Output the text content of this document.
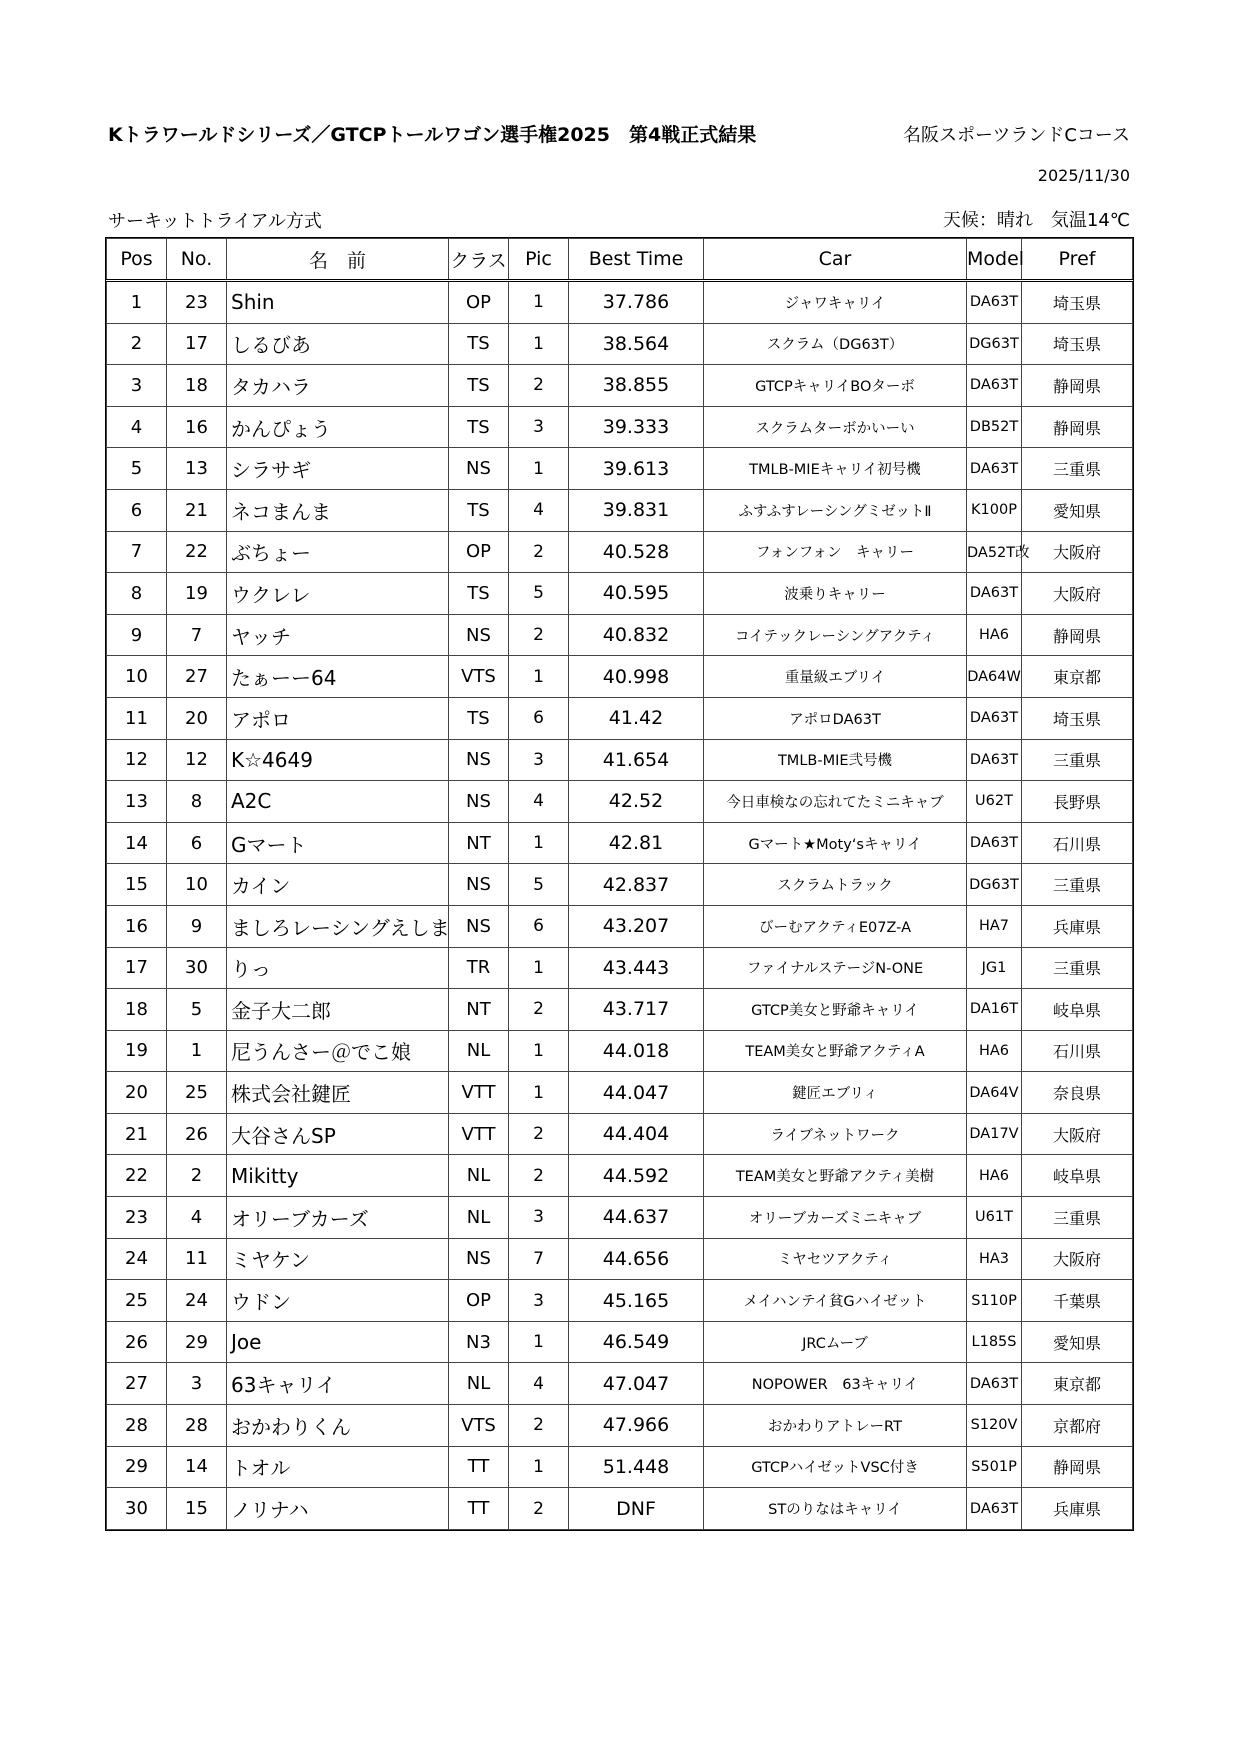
Kトラワールドシリーズ／GTCPトールワゴン選手権2025　第4戦正式結果	名阪スポーツランドCコース
2025/11/30
サーキットトライアル方式	天候：晴れ　気温14℃
Pos	No.	名　前	クラス	Pic	Best Time	Car	Model	Pref
1	23	Shin	OP	1	37.786	ジャワキャリイ	DA63T	埼玉県
2	17	しるびあ	TS	1	38.564	スクラム（DG63T）	DG63T	埼玉県
3	18	タカハラ	TS	2	38.855	GTCPキャリイBOターボ	DA63T	静岡県
4	16	かんぴょう	TS	3	39.333	スクラムターボかいーい	DB52T	静岡県
5	13	シラサギ	NS	1	39.613	TMLB-MIEキャリイ初号機	DA63T	三重県
6	21	ネコまんま	TS	4	39.831	ふすふすレーシングミゼットⅡ	K100P	愛知県
7	22	ぶちょー	OP	2	40.528	フォンフォン　キャリー	DA52T改	大阪府
8	19	ウクレレ	TS	5	40.595	波乗りキャリー	DA63T	大阪府
9	7	ヤッチ	NS	2	40.832	コイテックレーシングアクティ	HA6	静岡県
10	27	たぁーー64	VTS	1	40.998	重量級エブリイ	DA64W	東京都
11	20	アポロ	TS	6	41.42	アポロDA63T	DA63T	埼玉県
12	12	K☆4649	NS	3	41.654	TMLB-MIE弐号機	DA63T	三重県
13	8	A2C	NS	4	42.52	今日車検なの忘れてたミニキャブ	U62T	長野県
14	6	Gマート	NT	1	42.81	Gマート★Moty‘sキャリイ	DA63T	石川県
15	10	カイン	NS	5	42.837	スクラムトラック	DG63T	三重県
16	9	ましろレーシングえしま	NS	6	43.207	びーむアクティE07Z-A	HA7	兵庫県
17	30	りっ	TR	1	43.443	ファイナルステージN-ONE	JG1	三重県
18	5	金子大二郎	NT	2	43.717	GTCP美女と野爺キャリイ	DA16T	岐阜県
19	1	尼うんさー＠でこ娘	NL	1	44.018	TEAM美女と野爺アクティA	HA6	石川県
20	25	株式会社鍵匠	VTT	1	44.047	鍵匠エブリィ	DA64V	奈良県
21	26	大谷さんSP	VTT	2	44.404	ライブネットワーク	DA17V	大阪府
22	2	Mikitty	NL	2	44.592	TEAM美女と野爺アクティ美樹	HA6	岐阜県
23	4	オリーブカーズ	NL	3	44.637	オリーブカーズミニキャブ	U61T	三重県
24	11	ミヤケン	NS	7	44.656	ミヤセツアクティ	HA3	大阪府
25	24	ウドン	OP	3	45.165	メイハンテイ貧Gハイゼット	S110P	千葉県
26	29	Joe	N3	1	46.549	JRCムーブ	L185S	愛知県
27	3	63キャリイ	NL	4	47.047	NOPOWER　63キャリイ	DA63T	東京都
28	28	おかわりくん	VTS	2	47.966	おかわりアトレーRT	S120V	京都府
29	14	トオル	TT	1	51.448	GTCPハイゼットVSC付き	S501P	静岡県
30	15	ノリナハ	TT	2	DNF	STのりなはキャリイ	DA63T	兵庫県
